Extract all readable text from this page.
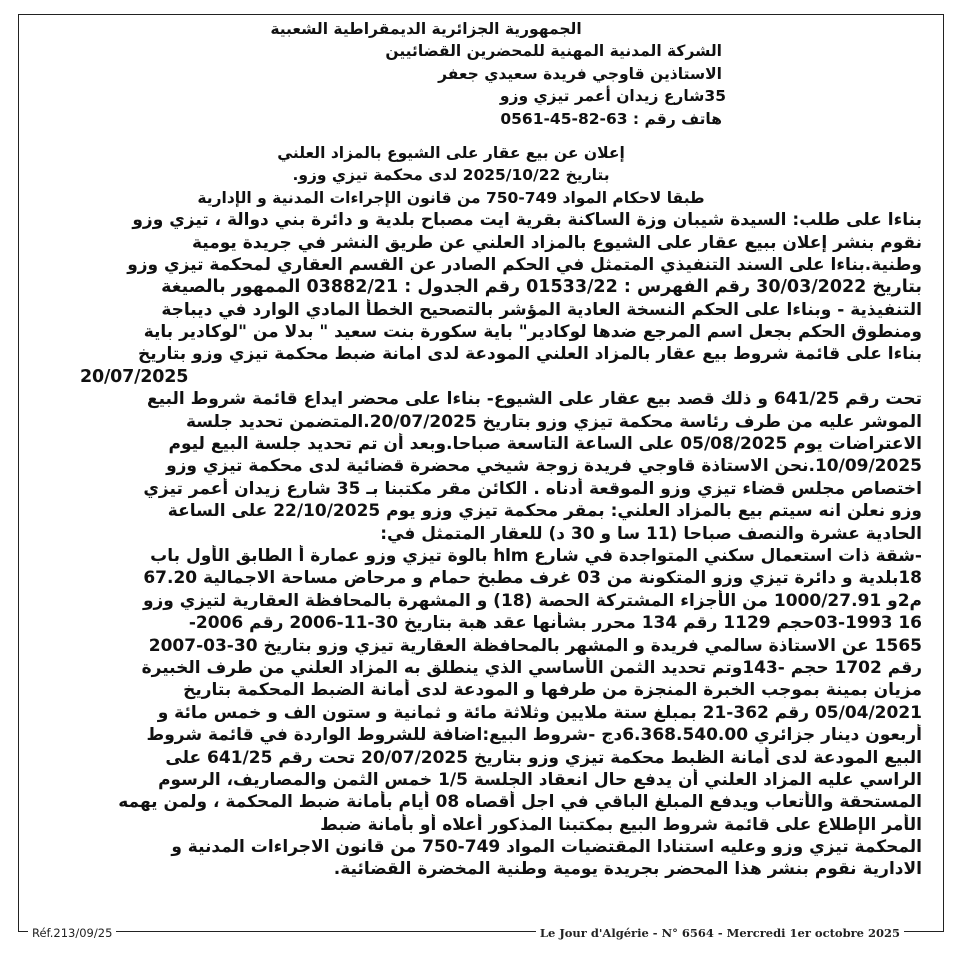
الجمهورية الجزائرية الديمقراطية الشعبية
الشركة المدنية المهنية للمحضرين القضائيين
الاستاذين قاوجي فريدة سعيدي جعفر
35شارع زيدان أعمر تيزي وزو
هاتف رقم : 63-82-45-0561
إعلان عن بيع عقار على الشيوع بالمزاد العلني
بتاريخ 2025/10/22 لدى محكمة تيزي وزو.
طبقا لاحكام المواد 749-750 من قانون الإجراءات المدنية و الإدارية
بناءا على طلب: السيدة شيبان وزة الساكنة بقرية ايت مصباح بلدية و دائرة بني دوالة ، تيزي وزو
نقوم بنشر إعلان ببيع عقار على الشيوع بالمزاد العلني عن طريق النشر في جريدة يومية
وطنية.بناءا على السند التنفيذي المتمثل في الحكم الصادر عن القسم العقاري لمحكمة تيزي وزو
بتاريخ 30/03/2022 رقم الفهرس : 01533/22 رقم الجدول : 03882/21 الممهور بالصيغة
التنفيذية - وبناءا على الحكم النسخة العادية المؤشر بالتصحيح الخطأ المادي الوارد في ديباجة
ومنطوق الحكم بجعل اسم المرجع ضدها لوكادير" باية سكورة بنت سعيد " بدلا من "لوكادير باية
بناءا على قائمة شروط بيع عقار بالمزاد العلني المودعة لدى امانة ضبط محكمة تيزي وزو بتاريخ
20/07/2025
تحت رقم 641/25 و ذلك قصد بيع عقار على الشيوع- بناءا على محضر ايداع قائمة شروط البيع
الموشر عليه من طرف رئاسة محكمة تيزي وزو بتاريخ 20/07/2025.المتضمن تحديد جلسة
الاعتراضات يوم 05/08/2025 على الساعة التاسعة صباحا.وبعد أن تم تحديد جلسة البيع ليوم
10/09/2025.نحن الاستاذة قاوجي فريدة زوجة شيخي محضرة قضائية لدى محكمة تيزي وزو
اختصاص مجلس قضاء تيزي وزو الموقعة أدناه . الكائن مقر مكتبنا بـ 35 شارع زيدان أعمر تيزي
وزو نعلن انه سيتم بيع بالمزاد العلني: بمقر محكمة تيزي وزو يوم 22/10/2025 على الساعة
الحادية عشرة والنصف صباحا (11 سا و 30 د) للعقار المتمثل في:
-شقة ذات استعمال سكني المتواجدة في شارع hlm بالوة تيزي وزو عمارة أ الطابق الأول باب
18بلدية و دائرة تيزي وزو المتكونة من 03 غرف مطبخ حمام و مرحاض مساحة الاجمالية 67.20
م2و 1000/27.91 من الأجزاء المشتركة الحصة (18) و المشهرة بالمحافظة العقارية لتيزي وزو
16 03-1993حجم 1129 رقم 134 محرر بشأنها عقد هبة بتاريخ 30-11-2006 رقم 2006-
1565 عن الاستاذة سالمي فريدة و المشهر بالمحافظة العقارية تيزي وزو بتاريخ 30-03-2007
رقم 1702 حجم -143وتم تحديد الثمن الأساسي الذي ينطلق به المزاد العلني من طرف الخبيرة
مزيان بمينة بموجب الخبرة المنجزة من طرفها و المودعة لدى أمانة الضبط المحكمة بتاريخ
05/04/2021 رقم 362-21 بمبلغ ستة ملايين وثلاثة مائة و ثمانية و ستون الف و خمس مائة و
أربعون دينار جزائري 6.368.540.00دج -شروط البيع:اضافة للشروط الواردة في قائمة شروط
البيع المودعة لدى أمانة الظبط محكمة تيزي وزو بتاريخ 20/07/2025 تحت رقم 641/25 على
الراسي عليه المزاد العلني أن يدفع حال انعقاد الجلسة 1/5 خمس الثمن والمصاريف، الرسوم
المستحقة والأتعاب ويدفع المبلغ الباقي في اجل أقصاه 08 أيام بأمانة ضبط المحكمة ، ولمن يهمه
الأمر الإطلاع على قائمة شروط البيع بمكتبنا المذكور أعلاه أو بأمانة ضبط
المحكمة تيزي وزو وعليه استنادا المقتضيات المواد 749-750 من قانون الاجراءات المدنية و
الادارية نقوم بنشر هذا المحضر بجريدة يومية وطنية المخضرة القضائية.
Réf.213/09/25	Le Jour d'Algérie - N° 6564 - Mercredi 1er octobre 2025
